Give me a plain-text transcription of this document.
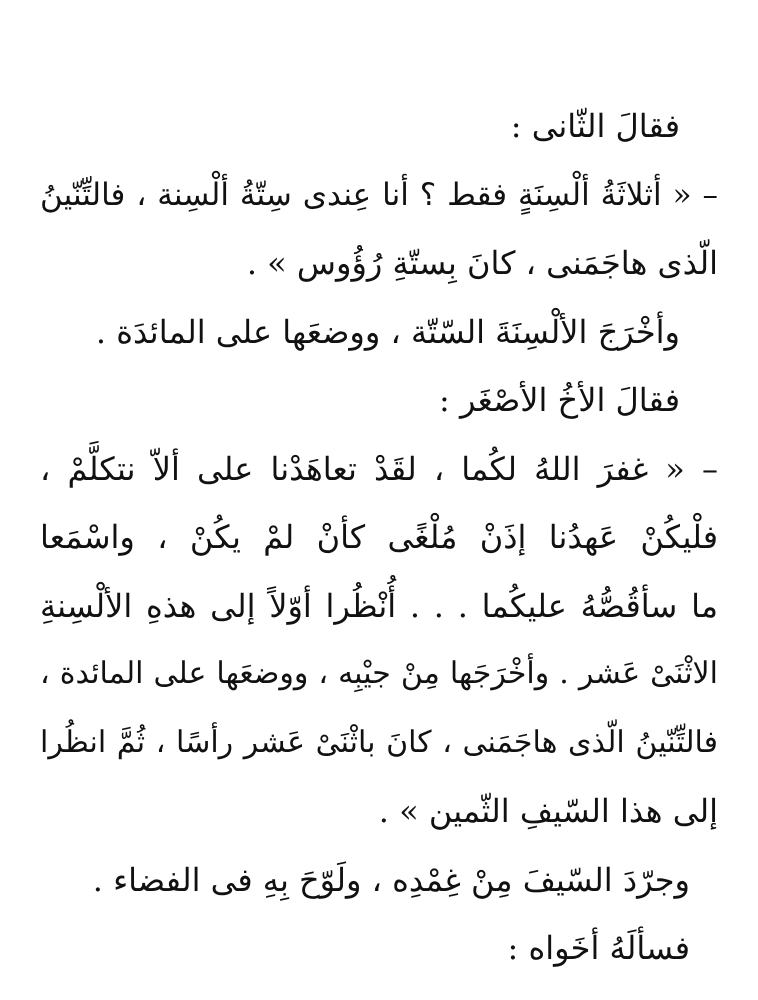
فقالَ الثّانى :
– « أثلاثَةُ ألْسِنَةٍ فقط ؟ أنا عِندى سِتّةُ ألْسِنة ، فالتِّنّينُ
الّذى هاجَمَنى ، كانَ بِستّةِ رُؤُوس » .
وأخْرَجَ الألْسِنَةَ السّتّة ، ووضعَها على المائدَة .
فقالَ الأخُ الأصْغَر :
– « غفرَ اللهُ لكُما ، لقَدْ تعاهَدْنا على ألاّ نتكلَّمْ ،
فلْيكُنْ عَهدُنا إذَنْ مُلْغًى كأنْ لمْ يكُنْ ، واسْمَعا
ما سأقُصُّهُ عليكُما . . . أُنْظُرا أوّلاً إلى هذهِ الألْسِنةِ
الاثْنَىْ عَشر . وأخْرَجَها مِنْ جيْبِه ، ووضعَها على المائدة ،
فالتِّنّينُ الّذى هاجَمَنى ، كانَ باثْنَىْ عَشر رأسًا ، ثُمَّ انظُرا
إلى هذا السّيفِ الثّمين » .
وجرّدَ السّيفَ مِنْ غِمْدِه ، ولَوّحَ بِهِ فى الفضاء .
فسألَهُ أخَواه :
